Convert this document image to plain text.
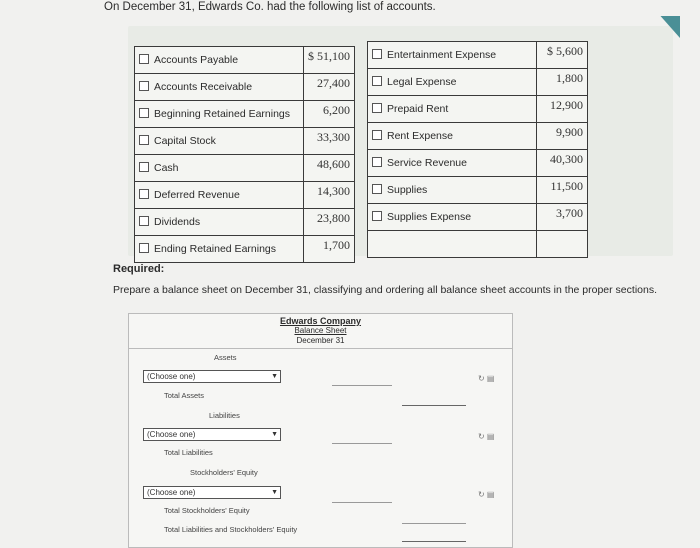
On December 31, Edwards Co. had the following list of accounts.
Accounts Payable	$ 51,100
Accounts Receivable	27,400
Beginning Retained Earnings	6,200
Capital Stock	33,300
Cash	48,600
Deferred Revenue	14,300
Dividends	23,800
Ending Retained Earnings	1,700
Entertainment Expense	$ 5,600
Legal Expense	1,800
Prepaid Rent	12,900
Rent Expense	9,900
Service Revenue	40,300
Supplies	11,500
Supplies Expense	3,700

Required:
Prepare a balance sheet on December 31, classifying and ordering all balance sheet accounts in the proper sections.
Edwards Company
Balance Sheet
December 31
Assets
(Choose one)	▼	↻ ▤
Total Assets
Liabilities
(Choose one)	▼	↻ ▤
Total Liabilities
Stockholders' Equity
(Choose one)	▼	↻ ▤
Total Stockholders' Equity
Total Liabilities and Stockholders' Equity
